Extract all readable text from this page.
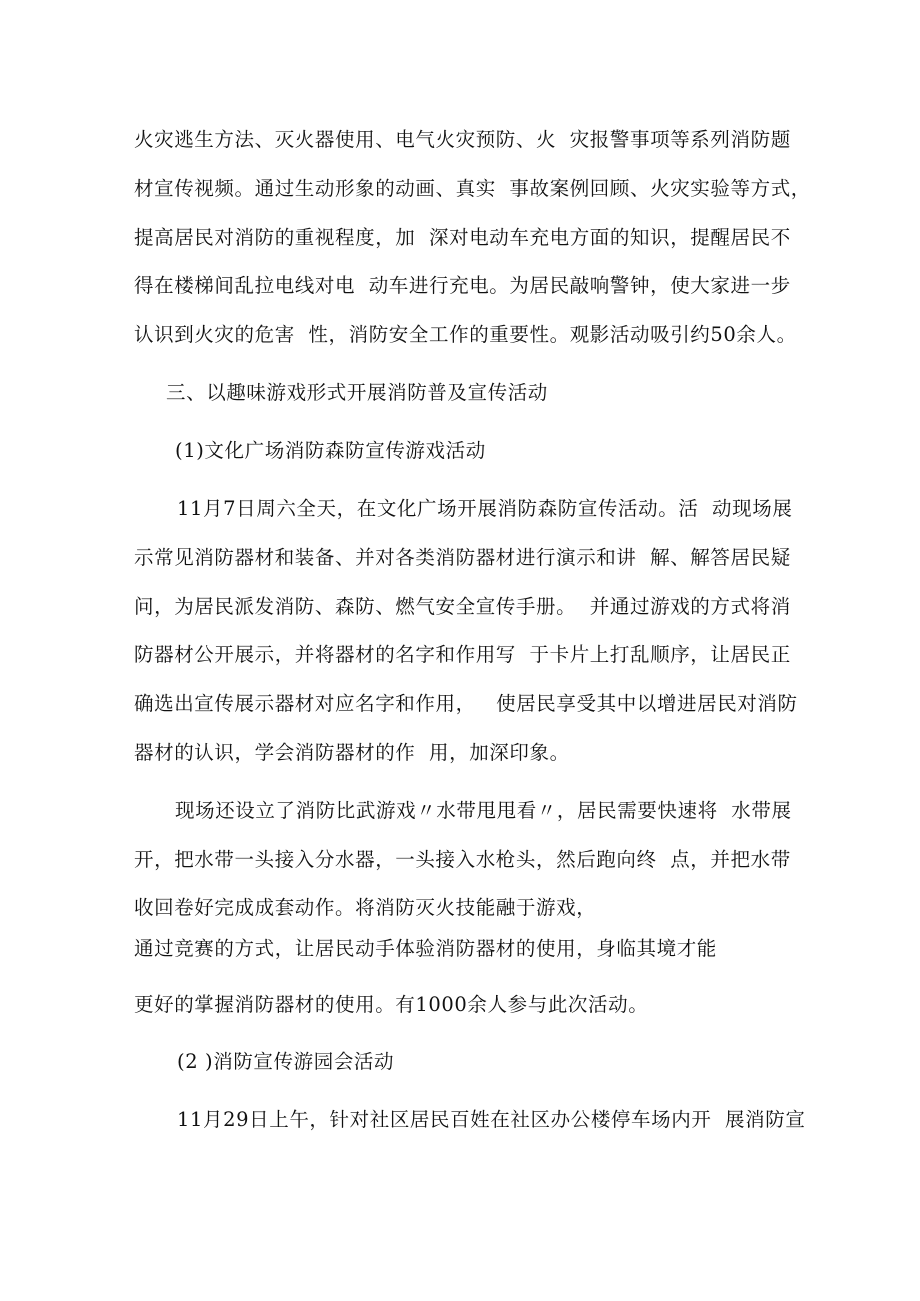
火灾逃生方法、灭火器使用、电气火灾预防、火  灾报警事项等系列消防题
材宣传视频。通过生动形象的动画、真实  事故案例回顾、火灾实验等方式，
提高居民对消防的重视程度，加  深对电动车充电方面的知识，提醒居民不
得在楼梯间乱拉电线对电  动车进行充电。为居民敲响警钟，使大家进一步
认识到火灾的危害  性，消防安全工作的重要性。观影活动吸引约50余人。
三、以趣味游戏形式开展消防普及宣传活动
(1)文化广场消防森防宣传游戏活动
11月7日周六全天，在文化广场开展消防森防宣传活动。活  动现场展
示常见消防器材和装备、并对各类消防器材进行演示和讲  解、解答居民疑
问，为居民派发消防、森防、燃气安全宣传手册。  并通过游戏的方式将消
防器材公开展示，并将器材的名字和作用写  于卡片上打乱顺序，让居民正
确选出宣传展示器材对应名字和作用，   使居民享受其中以增进居民对消防
器材的认识，学会消防器材的作  用，加深印象。
现场还设立了消防比武游戏〃水带甩甩看〃，居民需要快速将  水带展
开，把水带一头接入分水器，一头接入水枪头，然后跑向终  点，并把水带
收回卷好完成成套动作。将消防灭火技能融于游戏，
通过竞赛的方式，让居民动手体验消防器材的使用，身临其境才能
更好的掌握消防器材的使用。有1000余人参与此次活动。
(2 )消防宣传游园会活动
11月29日上午，针对社区居民百姓在社区办公楼停车场内开  展消防宣
